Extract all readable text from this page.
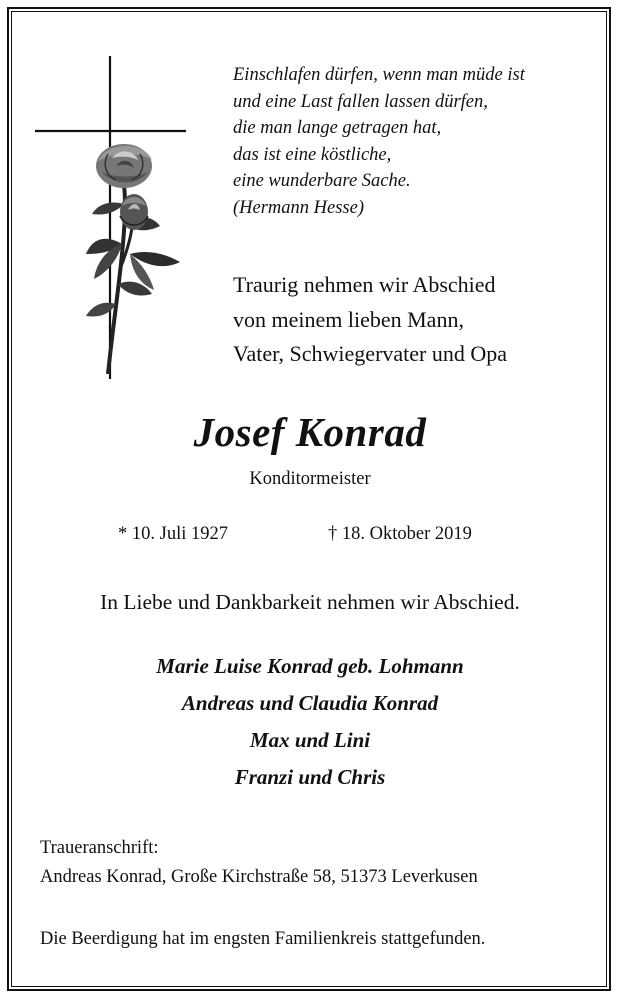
Einschlafen dürfen, wenn man müde ist
und eine Last fallen lassen dürfen,
die man lange getragen hat,
das ist eine köstliche,
eine wunderbare Sache.
(Hermann Hesse)
Traurig nehmen wir Abschied
von meinem lieben Mann,
Vater, Schwiegervater und Opa
Josef Konrad
Konditormeister
* 10. Juli 1927	† 18. Oktober 2019
In Liebe und Dankbarkeit nehmen wir Abschied.
Marie Luise Konrad geb. Lohmann
Andreas und Claudia Konrad
Max und Lini
Franzi und Chris
Traueranschrift:
Andreas Konrad, Große Kirchstraße 58, 51373 Leverkusen
Die Beerdigung hat im engsten Familienkreis stattgefunden.
